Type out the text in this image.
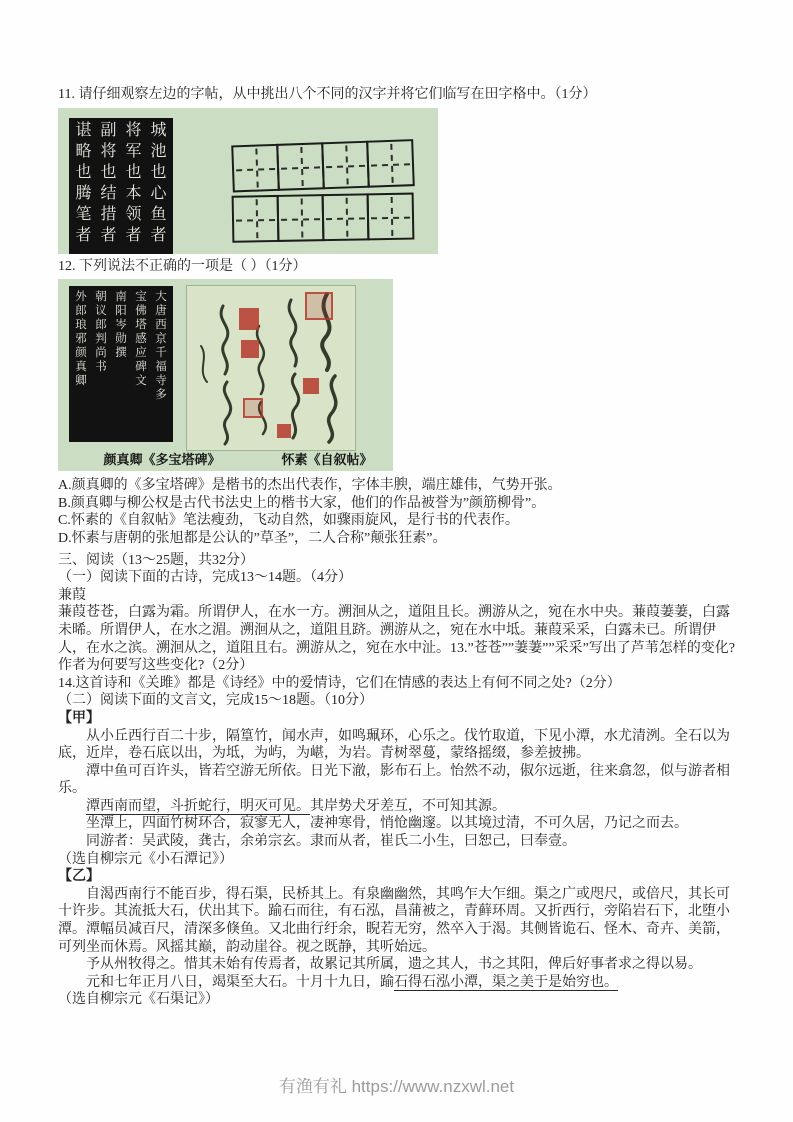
11. 请仔细观察左边的字帖，从中挑出八个不同的汉字并将它们临写在田字格中。（1分）

城
池
也
心
鱼
者
将
军
也
本
领
者
副
将
也
结
措
者
谌
略
也
腾
笔
者

12. 下列说法不正确的一项是（ ）（1分）

大
唐
西
京
千
福
寺
多
宝
佛
塔
感
应
碑
文
南
阳
岑
勋
撰
朝
议
郎
判
尚
书
外
郎
琅
邪
颜
真
卿
颜真卿《多宝塔碑》	怀素《自叙帖》

A.颜真卿的《多宝塔碑》是楷书的杰出代表作，字体丰腴，端庄雄伟，气势开张。

B.颜真卿与柳公权是古代书法史上的楷书大家，他们的作品被誉为”颜筋柳骨”。

C.怀素的《自叙帖》笔法瘦劲，飞动自然，如骤雨旋风，是行书的代表作。

D.怀素与唐朝的张旭都是公认的”草圣”，二人合称”颠张狂素”。

三、阅读（13～25题，共32分）

（一）阅读下面的古诗，完成13～14题。（4分）

兼葭

蒹葭苍苍，白露为霜。所谓伊人，在水一方。溯洄从之，道阻且长。溯游从之，宛在水中央。蒹葭萋萋，白露未晞。所谓伊人，在水之湄。溯洄从之，道阻且跻。溯游从之，宛在水中坻。蒹葭采采，白露未已。所谓伊人，在水之滨。溯洄从之，道阻且右。溯游从之，宛在水中沚。13.”苍苍””萋萋””采采”写出了芦苇怎样的变化?作者为何要写这些变化?（2分）

14.这首诗和《关雎》都是《诗经》中的爱情诗，它们在情感的表达上有何不同之处?（2分）

（二）阅读下面的文言文，完成15～18题。（10分）

【甲】

从小丘西行百二十步，隔篁竹，闻水声，如鸣珮环，心乐之。伐竹取道，下见小潭，水尤清洌。全石以为底，近岸，卷石底以出，为坻，为屿，为嵁，为岩。青树翠蔓，蒙络摇缀，参差披拂。

潭中鱼可百许头，皆若空游无所依。日光下澈，影布石上。怡然不动，俶尔远逝，往来翕忽，似与游者相乐。

潭西南而望，斗折蛇行，明灭可见。其岸势犬牙差互，不可知其源。

坐潭上，四面竹树环合，寂寥无人，凄神寒骨，悄怆幽邃。以其境过清，不可久居，乃记之而去。

同游者：吴武陵，龚古，余弟宗玄。隶而从者，崔氏二小生，曰恕己，曰奉壹。

（选自柳宗元《小石潭记》）

【乙】

自渴西南行不能百步，得石渠，民桥其上。有泉幽幽然，其鸣乍大乍细。渠之广或咫尺，或倍尺，其长可十许步。其流抵大石，伏出其下。踰石而往，有石泓，昌蒲被之，青藓环周。又折西行，旁陷岩石下，北堕小潭。潭幅员减百尺，清深多倏鱼。又北曲行纡余，睨若无穷，然卒入于渴。其侧皆诡石、怪木、奇卉、美箭，可列坐而休焉。风摇其巅，韵动崖谷。视之既静，其听始远。

予从州牧得之。惜其未始有传焉者，故累记其所属，遗之其人，书之其阳，俾后好事者求之得以易。

元和七年正月八日，竭渠至大石。十月十九日，踰石得石泓小潭，渠之美于是始穷也。

（选自柳宗元《石渠记》）

有渔有礼 https://www.nzxwl.net
